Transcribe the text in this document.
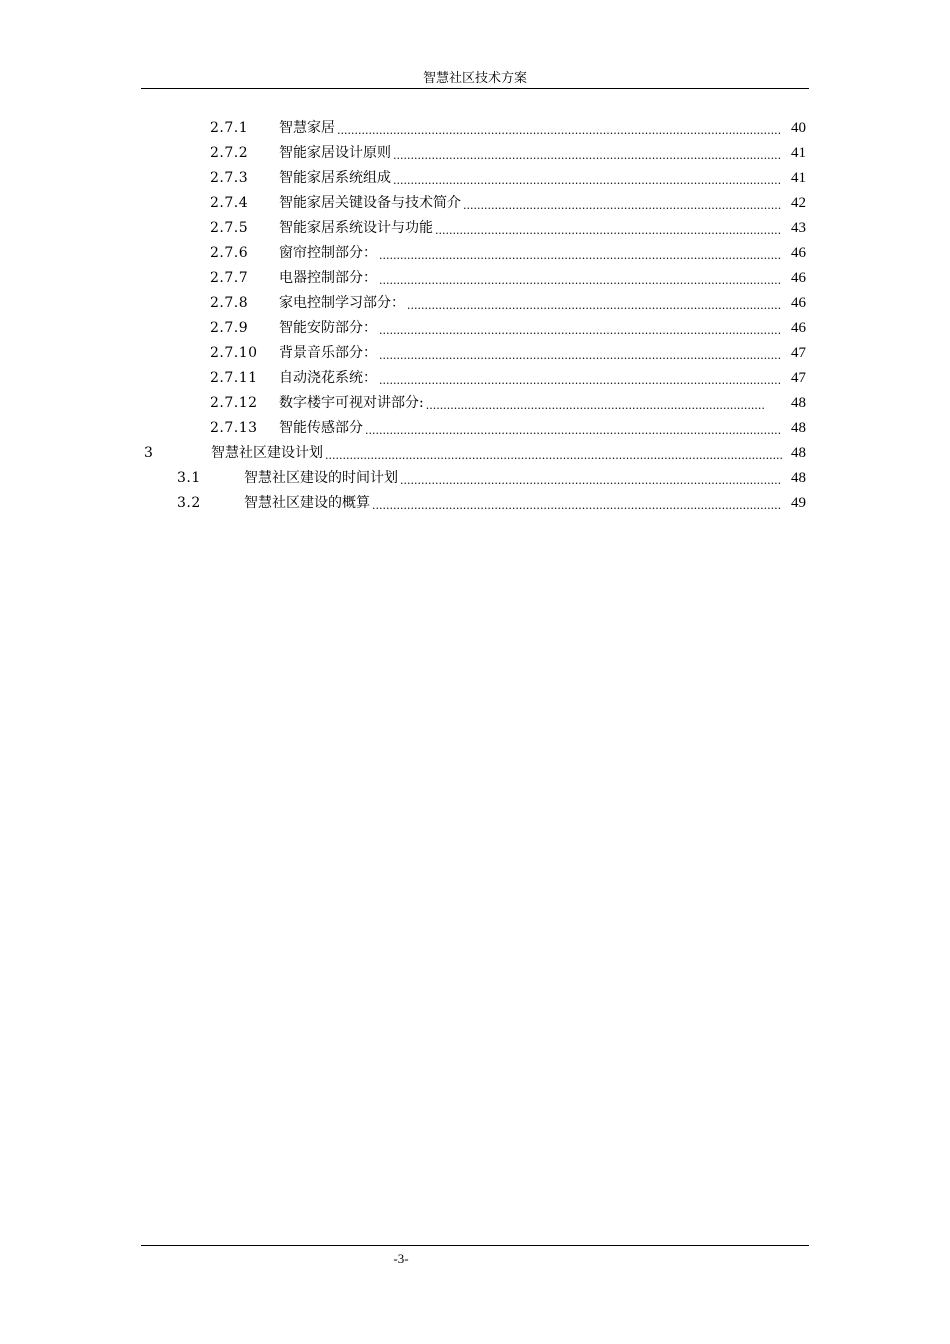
智慧社区技术方案
2.7.1	智慧家居 .....	40
2.7.2	智能家居设计原则 .....	41
2.7.3	智能家居系统组成 .....	41
2.7.4	智能家居关键设备与技术简介 .....	42
2.7.5	智能家居系统设计与功能 .....	43
2.7.6	窗帘控制部分： .....	46
2.7.7	电器控制部分： .....	46
2.7.8	家电控制学习部分： .....	46
2.7.9	智能安防部分： .....	46
2.7.10	背景音乐部分： .....	47
2.7.11	自动浇花系统： .....	47
2.7.12	数字楼宇可视对讲部分: .....	48
2.7.13	智能传感部分 .....	48
3	智慧社区建设计划 .....	48
3.1	智慧社区建设的时间计划 .....	48
3.2	智慧社区建设的概算 .....	49
-3-
